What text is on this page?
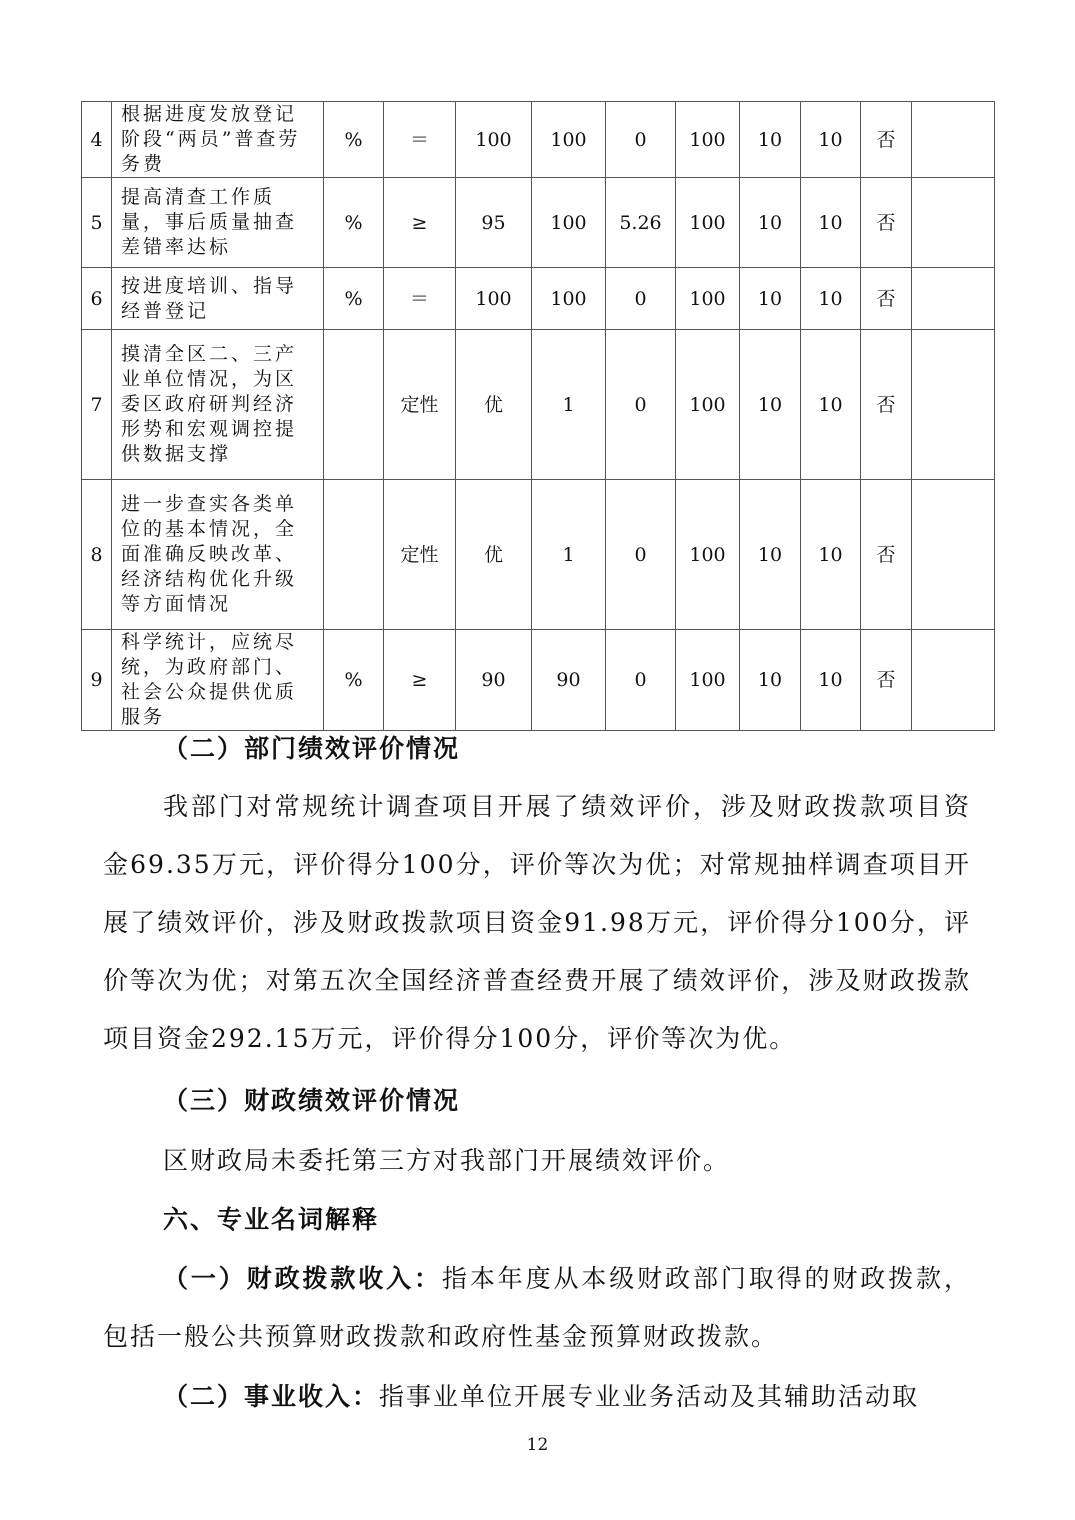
4	根据进度发放登记阶段“两员”普查劳务费	%	＝	100	100	0	100	10	10	否	
5	提高清查工作质量，事后质量抽查差错率达标	%	≥	95	100	5.26	100	10	10	否	
6	按进度培训、指导经普登记	%	＝	100	100	0	100	10	10	否	
7	摸清全区二、三产业单位情况，为区委区政府研判经济形势和宏观调控提供数据支撑		定性	优	1	0	100	10	10	否	
8	进一步查实各类单位的基本情况，全面准确反映改革、经济结构优化升级等方面情况		定性	优	1	0	100	10	10	否	
9	科学统计，应统尽统，为政府部门、社会公众提供优质服务	%	≥	90	90	0	100	10	10	否	

（二）部门绩效评价情况

我部门对常规统计调查项目开展了绩效评价，涉及财政拨款项目资金69.35万元，评价得分100分，评价等次为优；对常规抽样调查项目开展了绩效评价，涉及财政拨款项目资金91.98万元，评价得分100分，评价等次为优；对第五次全国经济普查经费开展了绩效评价，涉及财政拨款项目资金292.15万元，评价得分100分，评价等次为优。

（三）财政绩效评价情况

区财政局未委托第三方对我部门开展绩效评价。

六、专业名词解释

（一）财政拨款收入：指本年度从本级财政部门取得的财政拨款，包括一般公共预算财政拨款和政府性基金预算财政拨款。

（二）事业收入：指事业单位开展专业业务活动及其辅助活动取

12
